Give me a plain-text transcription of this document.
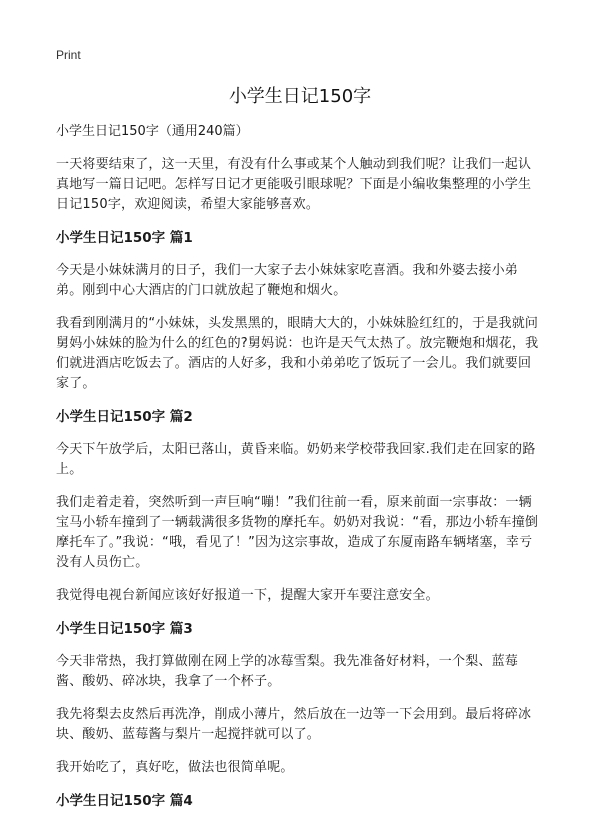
Print
小学生日记150字

小学生日记150字（通用240篇）

一天将要结束了，这一天里，有没有什么事或某个人触动到我们呢？让我们一起认真地写一篇日记吧。怎样写日记才更能吸引眼球呢？下面是小编收集整理的小学生日记150字，欢迎阅读，希望大家能够喜欢。

小学生日记150字 篇1

今天是小妹妹满月的日子，我们一大家子去小妹妹家吃喜酒。我和外婆去接小弟弟。刚到中心大酒店的门口就放起了鞭炮和烟火。

我看到刚满月的“小妹妹，头发黑黑的，眼睛大大的，小妹妹脸红红的，于是我就问舅妈小妹妹的脸为什么的红色的?舅妈说：也许是天气太热了。放完鞭炮和烟花，我们就进酒店吃饭去了。酒店的人好多，我和小弟弟吃了饭玩了一会儿。我们就要回家了。

小学生日记150字 篇2

今天下午放学后，太阳已落山，黄昏来临。奶奶来学校带我回家.我们走在回家的路上。

我们走着走着，突然听到一声巨响“嘣！”我们往前一看，原来前面一宗事故：一辆宝马小轿车撞到了一辆载满很多货物的摩托车。奶奶对我说：“看，那边小轿车撞倒摩托车了。”我说：“哦，看见了！”因为这宗事故，造成了东厦南路车辆堵塞，幸亏没有人员伤亡。

我觉得电视台新闻应该好好报道一下，提醒大家开车要注意安全。

小学生日记150字 篇3

今天非常热，我打算做刚在网上学的冰莓雪梨。我先准备好材料，一个梨、蓝莓酱、酸奶、碎冰块，我拿了一个杯子。

我先将梨去皮然后再洗净，削成小薄片，然后放在一边等一下会用到。最后将碎冰块、酸奶、蓝莓酱与梨片一起搅拌就可以了。

我开始吃了，真好吃，做法也很简单呢。

小学生日记150字 篇4
